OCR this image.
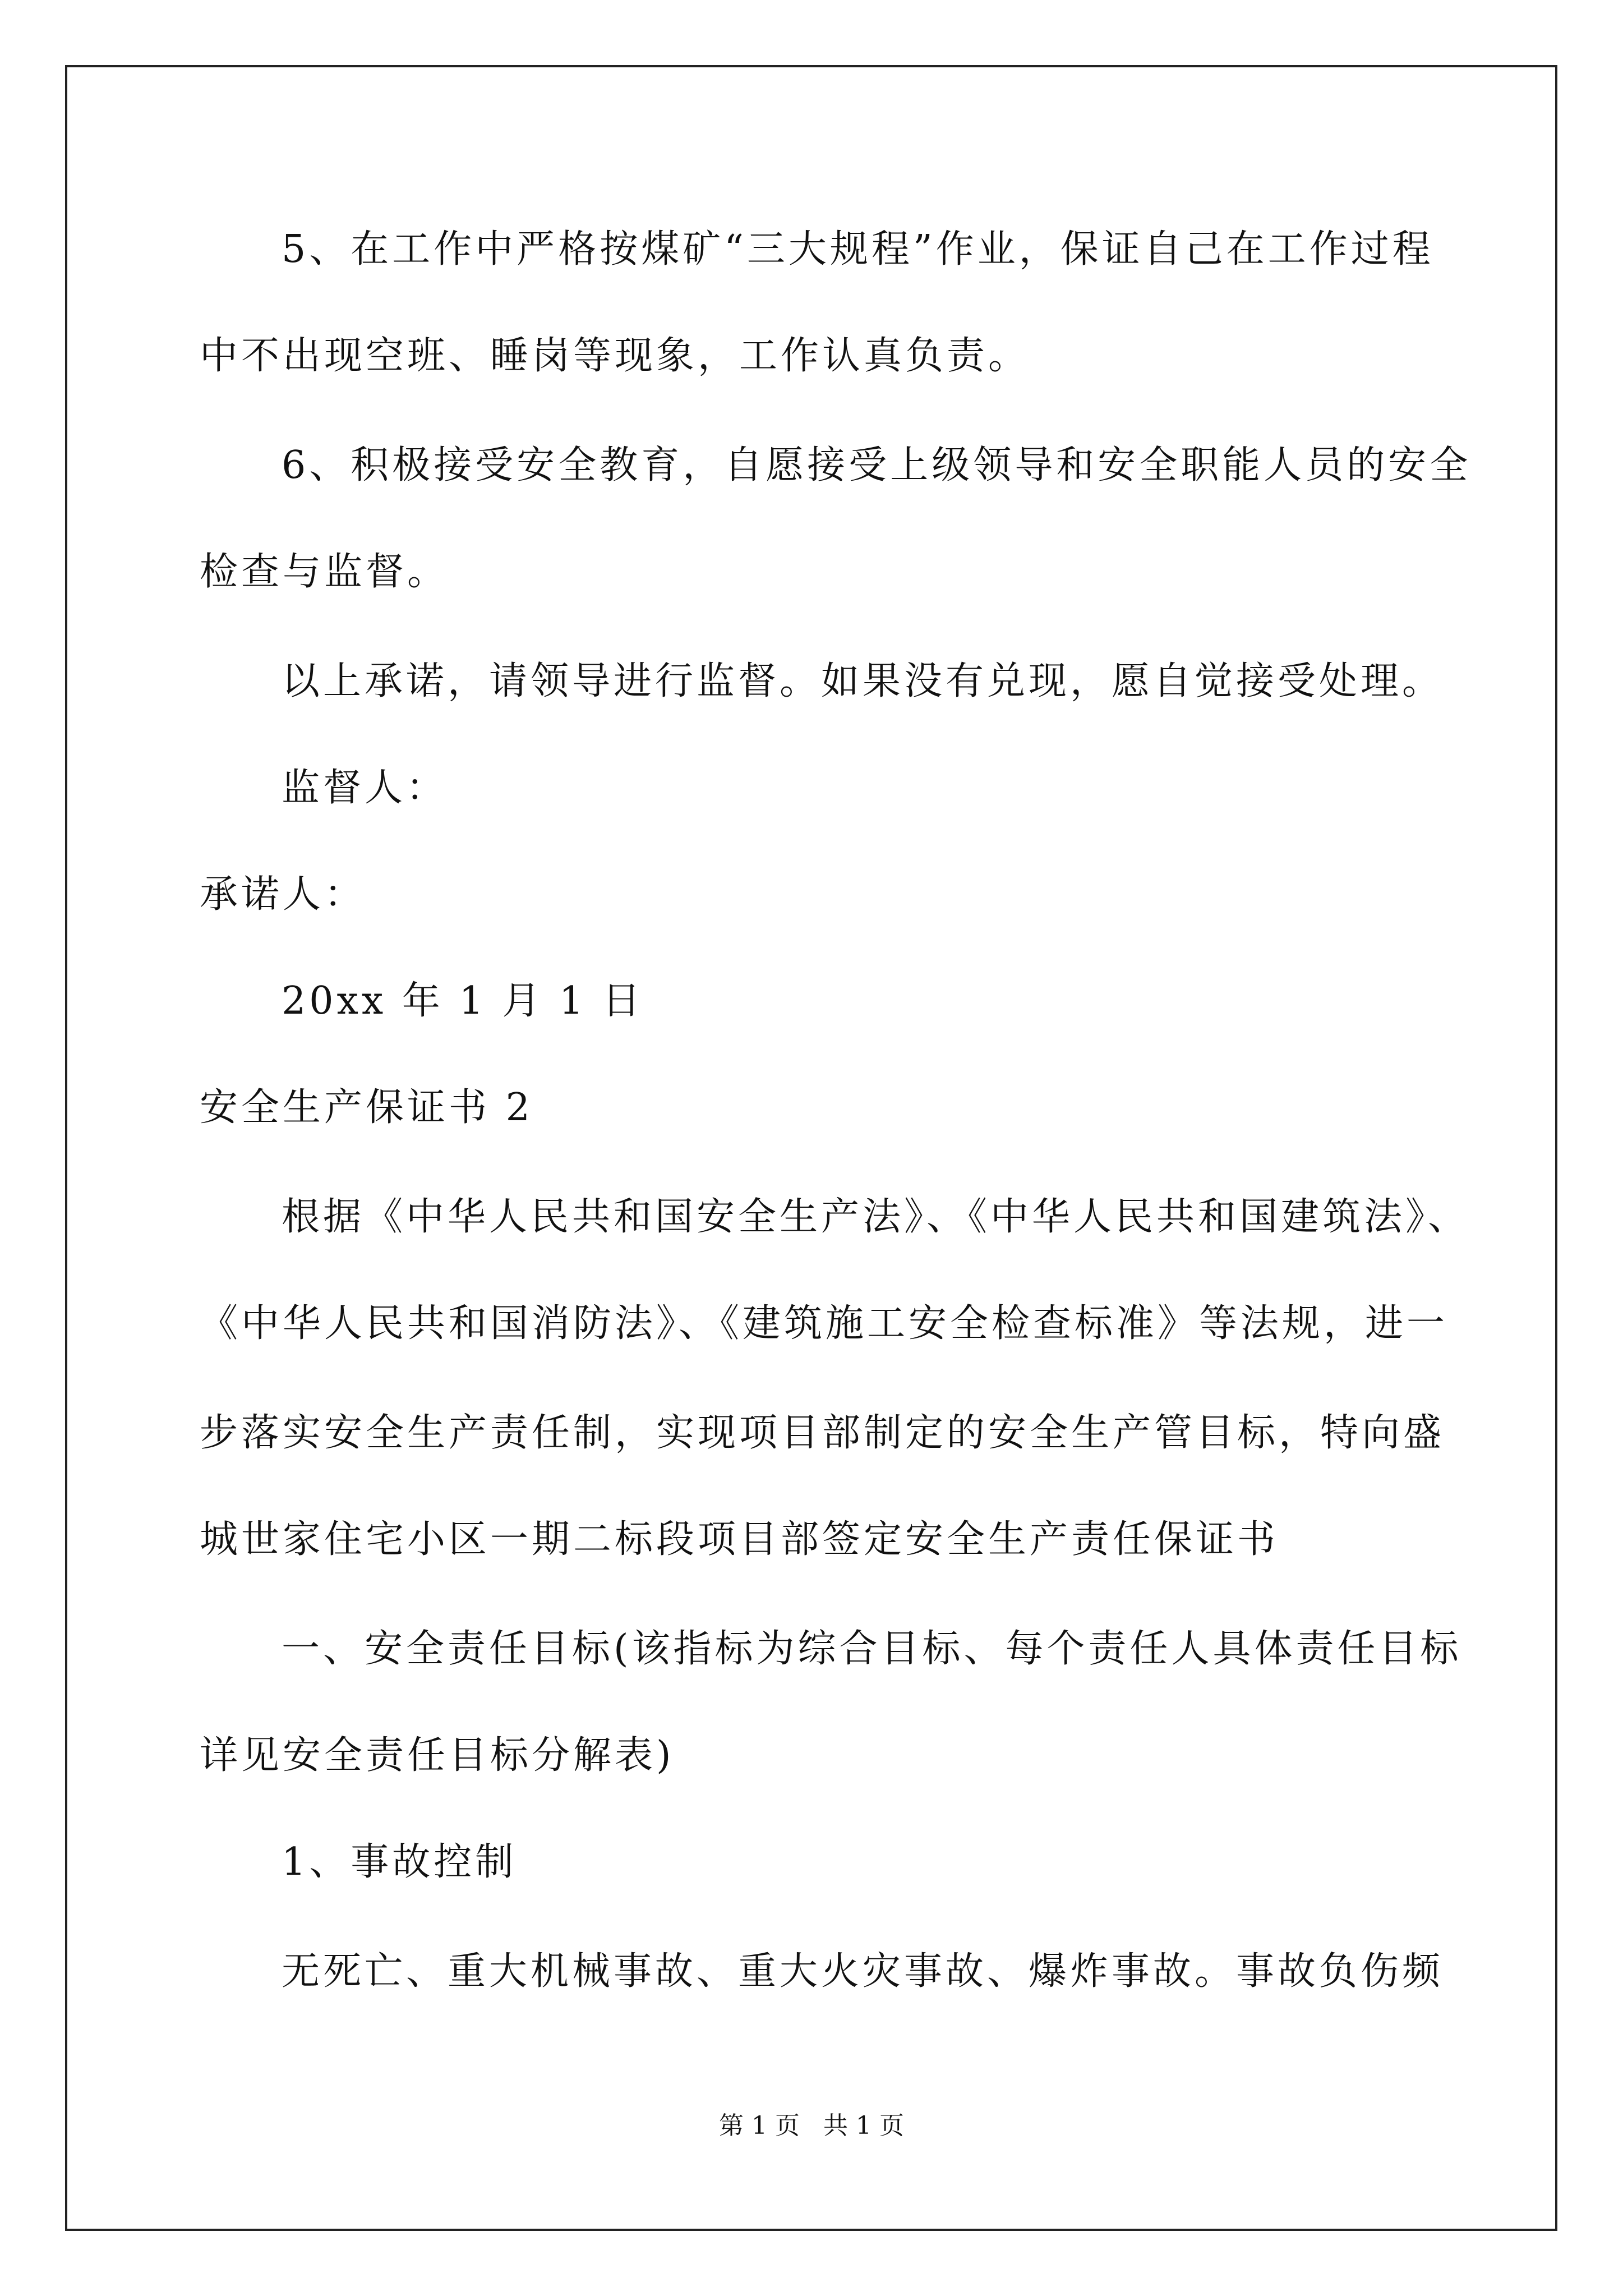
5、在工作中严格按煤矿“三大规程”作业，保证自己在工作过程
中不出现空班、睡岗等现象，工作认真负责。
6、积极接受安全教育，自愿接受上级领导和安全职能人员的安全
检查与监督。
以上承诺，请领导进行监督。如果没有兑现，愿自觉接受处理。
监督人：
承诺人：
20xx 年 1 月 1 日
安全生产保证书 2
根据《中华人民共和国安全生产法》、《中华人民共和国建筑法》、
《中华人民共和国消防法》、《建筑施工安全检查标准》等法规，进一
步落实安全生产责任制，实现项目部制定的安全生产管目标，特向盛
城世家住宅小区一期二标段项目部签定安全生产责任保证书
一、安全责任目标(该指标为综合目标、每个责任人具体责任目标
详见安全责任目标分解表)
1、事故控制
无死亡、重大机械事故、重大火灾事故、爆炸事故。事故负伤频
第 1 页   共 1 页
